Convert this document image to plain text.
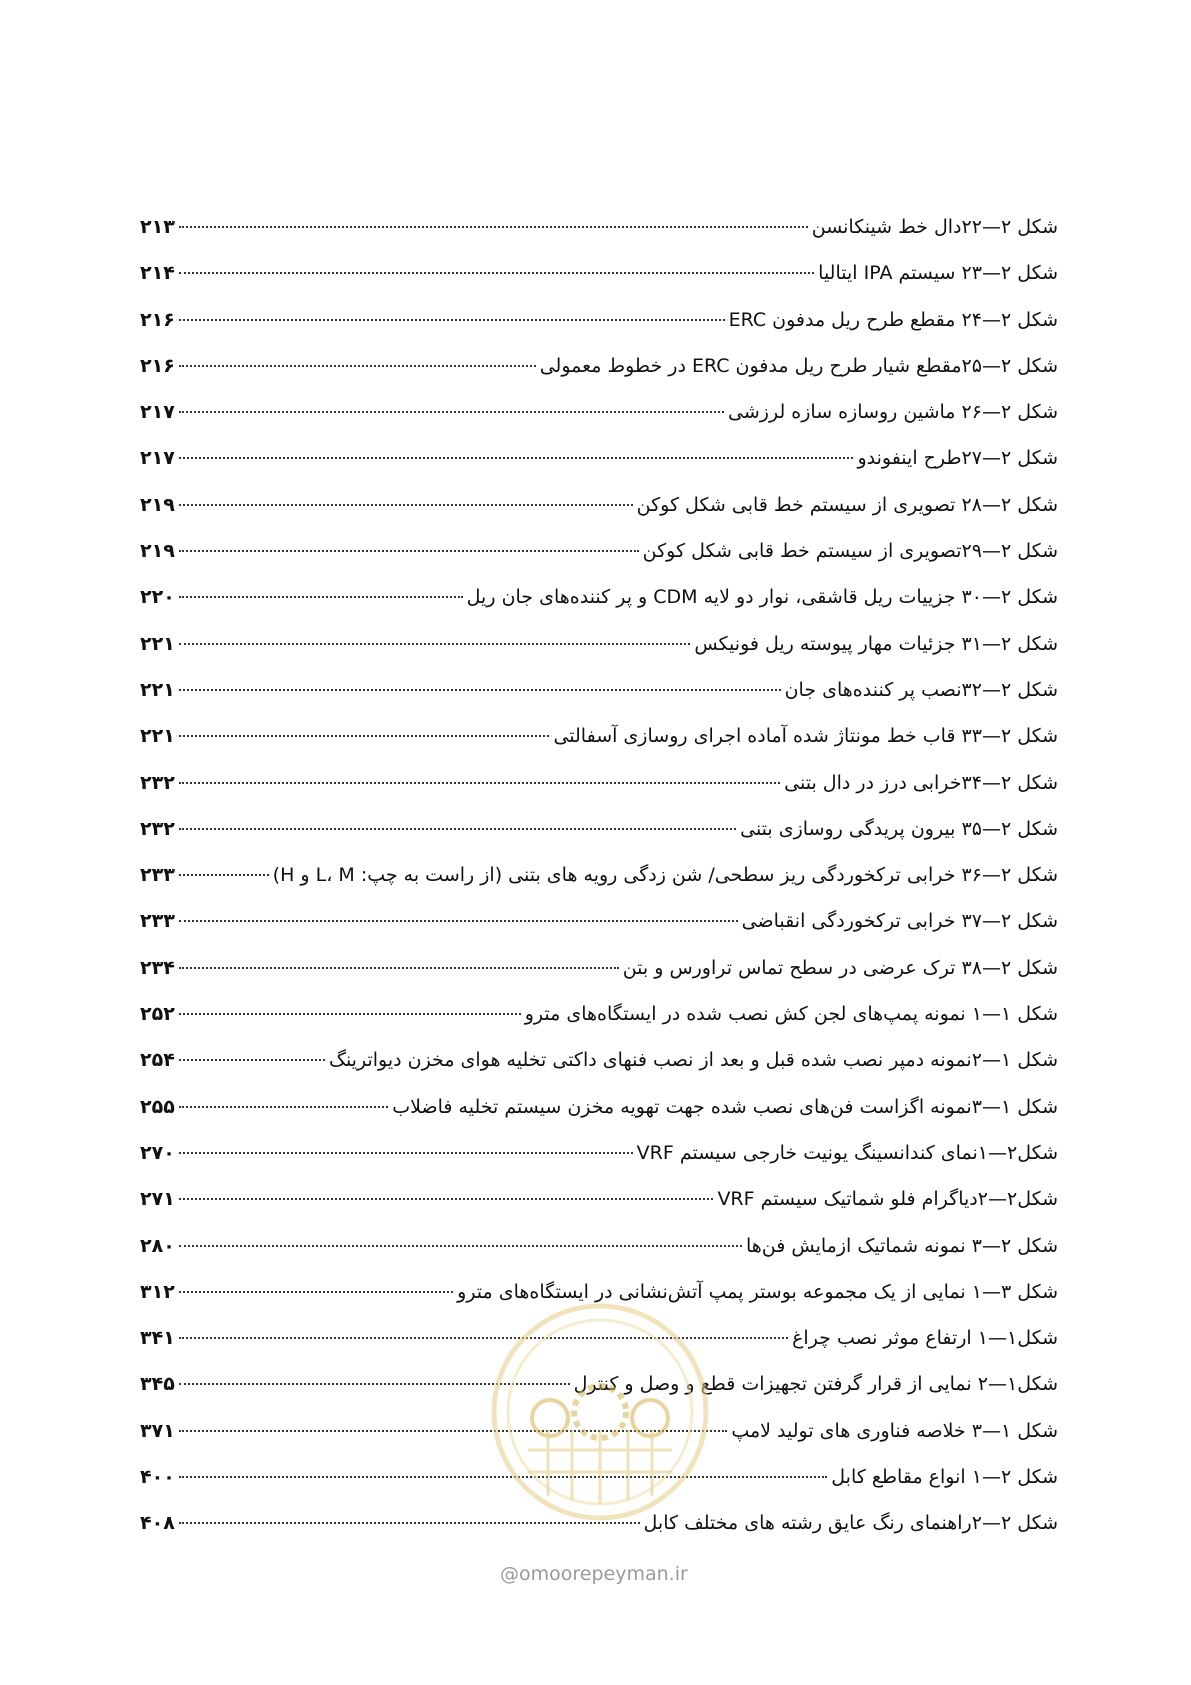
شکل ۲—۲۲دال خط شینکانسن
۲۱۳
شکل ۲—۲۳ سیستم IPA ایتالیا
۲۱۴
شکل ۲—۲۴ مقطع طرح ریل مدفون ERC
۲۱۶
شکل ۲—۲۵مقطع شیار طرح ریل مدفون ERC در خطوط معمولی
۲۱۶
شکل ۲—۲۶ ماشین روسازه سازه لرزشی
۲۱۷
شکل ۲—۲۷طرح اینفوندو
۲۱۷
شکل ۲—۲۸ تصویری از سیستم خط قابی شکل کوکن
۲۱۹
شکل ۲—۲۹تصویری از سیستم خط قابی شکل کوکن
۲۱۹
شکل ۲—۳۰ جزییات ریل قاشقی، نوار دو لایه CDM و پر کننده‌های جان ریل
۲۲۰
شکل ۲—۳۱ جزئیات مهار پیوسته ریل فونیکس
۲۲۱
شکل ۲—۳۲نصب پر کننده‌های جان
۲۲۱
شکل ۲—۳۳ قاب خط مونتاژ شده آماده اجرای روسازی آسفالتی
۲۲۱
شکل ۲—۳۴خرابی درز در دال بتنی
۲۳۲
شکل ۲—۳۵ بیرون پریدگی روسازی بتنی
۲۳۲
شکل ۲—۳۶ خرابی ترکخوردگی ریز سطحی/ شن زدگی رویه های بتنی (از راست به چپ: L، M و H)
۲۳۳
شکل ۲—۳۷ خرابی ترکخوردگی انقباضی
۲۳۳
شکل ۲—۳۸ ترک عرضی در سطح تماس تراورس و بتن
۲۳۴
شکل ۱—۱ نمونه پمپ‌های لجن کش نصب شده در ایستگاه‌های مترو
۲۵۲
شکل ۱—۲نمونه دمپر نصب شده قبل و بعد از نصب فنهای داکتی تخلیه هوای مخزن دیواترینگ
۲۵۴
شکل ۱—۳نمونه اگزاست فن‌های نصب شده جهت تهویه مخزن سیستم تخلیه فاضلاب
۲۵۵
شکل۲—۱نمای کندانسینگ یونیت خارجی سیستم VRF
۲۷۰
شکل۲—۲دیاگرام فلو شماتیک سیستم VRF
۲۷۱
شکل ۲—۳ نمونه شماتیک ازمایش فن‌ها
۲۸۰
شکل ۳—۱ نمایی از یک مجموعه بوستر پمپ آتش‌نشانی در ایستگاه‌های مترو
۳۱۲
شکل۱—۱ ارتفاع موثر نصب چراغ
۳۴۱
شکل۱—۲ نمایی از قرار گرفتن تجهیزات قطع و وصل و کنترل
۳۴۵
شکل ۱—۳ خلاصه فناوری های تولید لامپ
۳۷۱
شکل ۲—۱ انواع مقاطع کابل
۴۰۰
شکل ۲—۲راهنمای رنگ عایق رشته های مختلف کابل
۴۰۸
@omoorepeyman.ir
